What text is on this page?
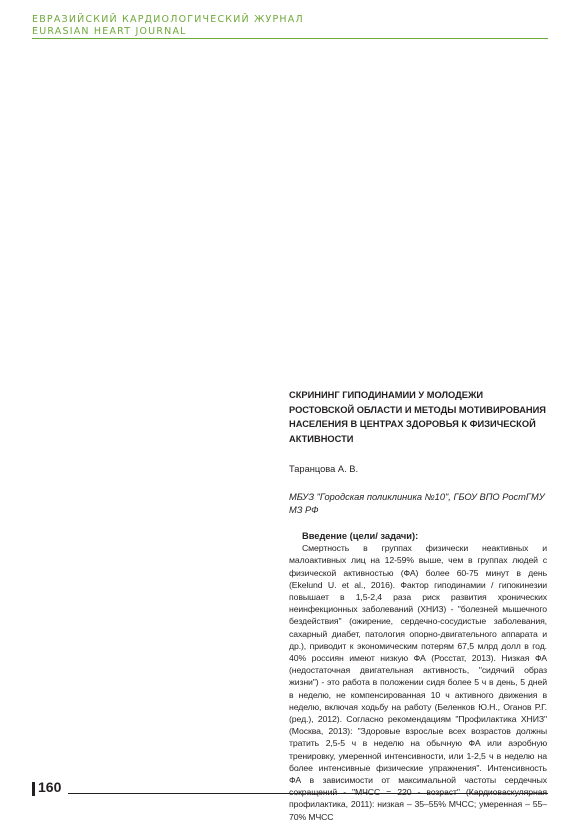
ЕВРАЗИЙСКИЙ КАРДИОЛОГИЧЕСКИЙ ЖУРНАЛ
EURASIAN HEART JOURNAL
СКРИНИНГ ГИПОДИНАМИИ У МОЛОДЕЖИ РОСТОВСКОЙ ОБЛАСТИ И МЕТОДЫ МОТИВИРОВАНИЯ НАСЕЛЕНИЯ В ЦЕНТРАХ ЗДОРОВЬЯ К ФИЗИЧЕСКОЙ АКТИВНОСТИ
Таранцова А. В.
МБУЗ "Городская поликлиника №10", ГБОУ ВПО РостГМУ МЗ РФ
Введение (цели/ задачи):

Смертность в группах физически неактивных и малоактивных лиц на 12-59% выше, чем в группах людей с физической активностью (ФА) более 60-75 минут в день (Ekelund U. et al., 2016). Фактор гиподинамии / гипокинезии повышает в 1,5-2,4 раза риск развития хронических неинфекционных заболеваний (ХНИЗ) - "болезней мышечного бездействия" (ожирение, сердечно-сосудистые заболевания, сахарный диабет, патология опорно-двигательного аппарата и др.), приводит к экономическим потерям 67,5 млрд долл в год. 40% россиян имеют низкую ФА (Росстат, 2013). Низкая ФА (недостаточная двигательная активность, "сидячий образ жизни") - это работа в положении сидя более 5 ч в день, 5 дней в неделю, не компенсированная 10 ч активного движения в неделю, включая ходьбу на работу (Беленков Ю.Н., Оганов Р.Г. (ред.), 2012). Согласно рекомендациям "Профилактика ХНИЗ" (Москва, 2013): "Здоровые взрослые всех возрастов должны тратить 2,5-5 ч в неделю на обычную ФА или аэробную тренировку, умеренной интенсивности, или 1-2,5 ч в неделю на более интенсивные физические упражнения". Интенсивность ФА в зависимости от максимальной частоты сердечных профилактика, 2011): низкая – 35–55% МЧСС; умеренная – 55–70% МЧСС

160
